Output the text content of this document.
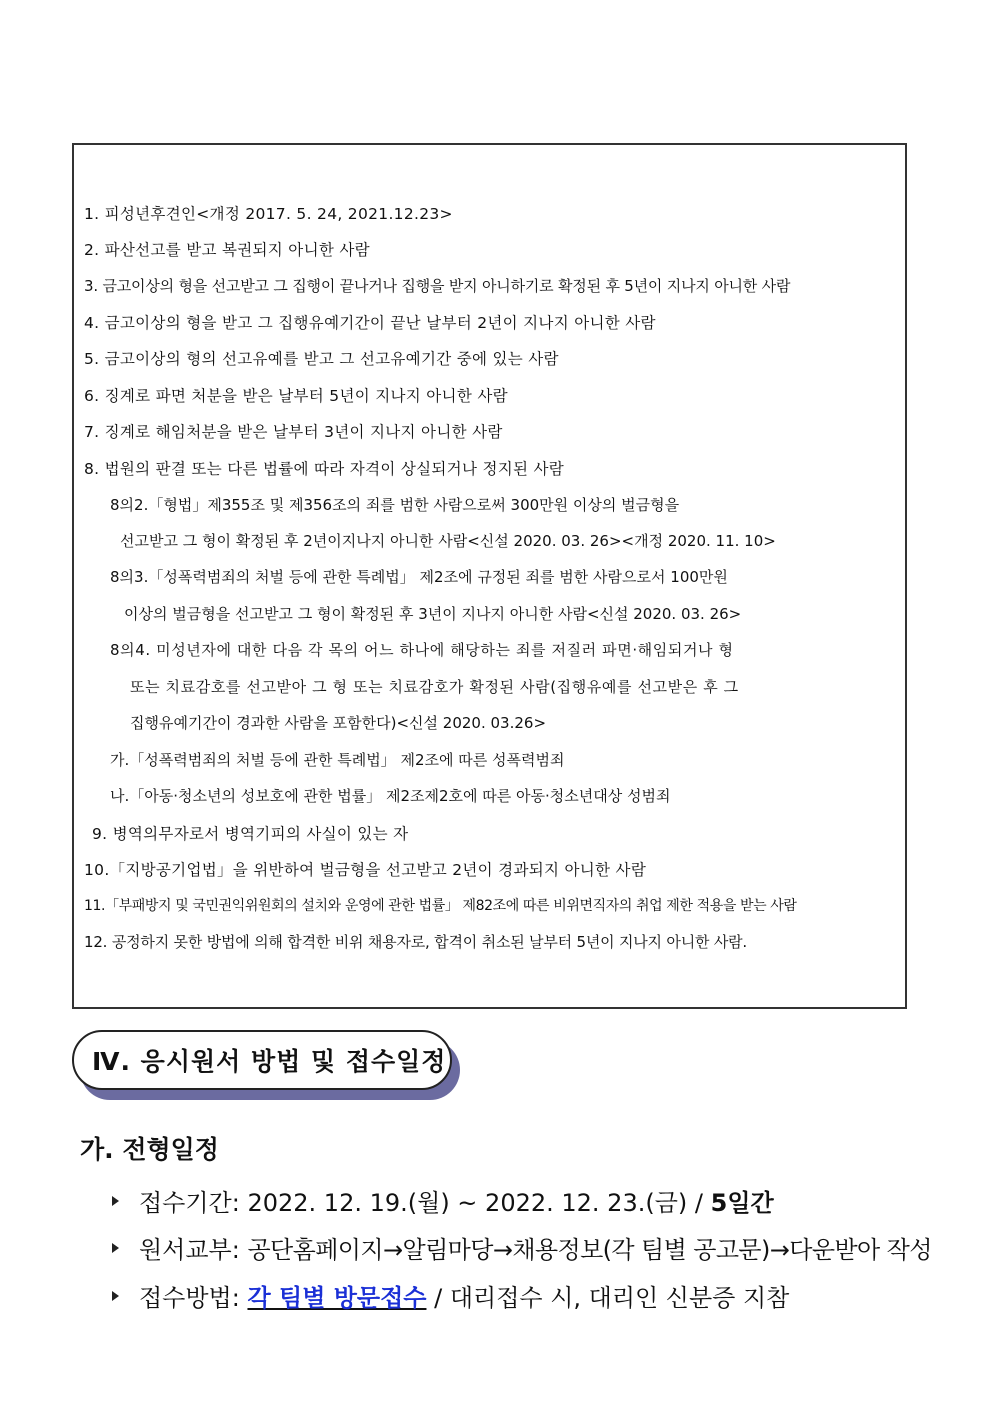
1. 피성년후견인<개정 2017. 5. 24, 2021.12.23>
2. 파산선고를 받고 복권되지 아니한 사람
3. 금고이상의 형을 선고받고 그 집행이 끝나거나 집행을 받지 아니하기로 확정된 후 5년이 지나지 아니한 사람
4. 금고이상의 형을 받고 그 집행유예기간이 끝난 날부터 2년이 지나지 아니한 사람
5. 금고이상의 형의 선고유예를 받고 그 선고유예기간 중에 있는 사람
6. 징계로 파면 처분을 받은 날부터 5년이 지나지 아니한 사람
7. 징계로 해임처분을 받은 날부터 3년이 지나지 아니한 사람
8. 법원의 판결 또는 다른 법률에 따라 자격이 상실되거나 정지된 사람
8의2.「형법」제355조 및 제356조의 죄를 범한 사람으로써 300만원 이상의 벌금형을
선고받고 그 형이 확정된 후 2년이지나지 아니한 사람<신설 2020. 03. 26><개정 2020. 11. 10>
8의3.「성폭력범죄의 처벌 등에 관한 특례법」 제2조에 규정된 죄를 범한 사람으로서 100만원
이상의 벌금형을 선고받고 그 형이 확정된 후 3년이 지나지 아니한 사람<신설 2020. 03. 26>
8의4. 미성년자에 대한 다음 각 목의 어느 하나에 해당하는 죄를 저질러 파면·해임되거나 형
또는 치료감호를 선고받아 그 형 또는 치료감호가 확정된 사람(집행유예를 선고받은 후 그
집행유예기간이 경과한 사람을 포함한다)<신설 2020. 03.26>
가.「성폭력범죄의 처벌 등에 관한 특례법」 제2조에 따른 성폭력범죄
나.「아동·청소년의 성보호에 관한 법률」 제2조제2호에 따른 아동·청소년대상 성범죄
9. 병역의무자로서 병역기피의 사실이 있는 자
10.「지방공기업법」을 위반하여 벌금형을 선고받고 2년이 경과되지 아니한 사람
11.「부패방지 및 국민권익위원회의 설치와 운영에 관한 법률」 제82조에 따른 비위면직자의 취업 제한 적용을 받는 사람
12. 공정하지 못한 방법에 의해 합격한 비위 채용자로, 합격이 취소된 날부터 5년이 지나지 아니한 사람.
Ⅳ. 응시원서 방법 및 접수일정
가. 전형일정
접수기간:
2022. 12. 19.(월) ~ 2022. 12. 23.(금) /
5일간
원서교부:
공단홈페이지→알림마당→채용정보(각 팀별 공고문)→다운받아 작성
접수방법:
각 팀별 방문접수
/ 대리접수 시, 대리인 신분증 지참
